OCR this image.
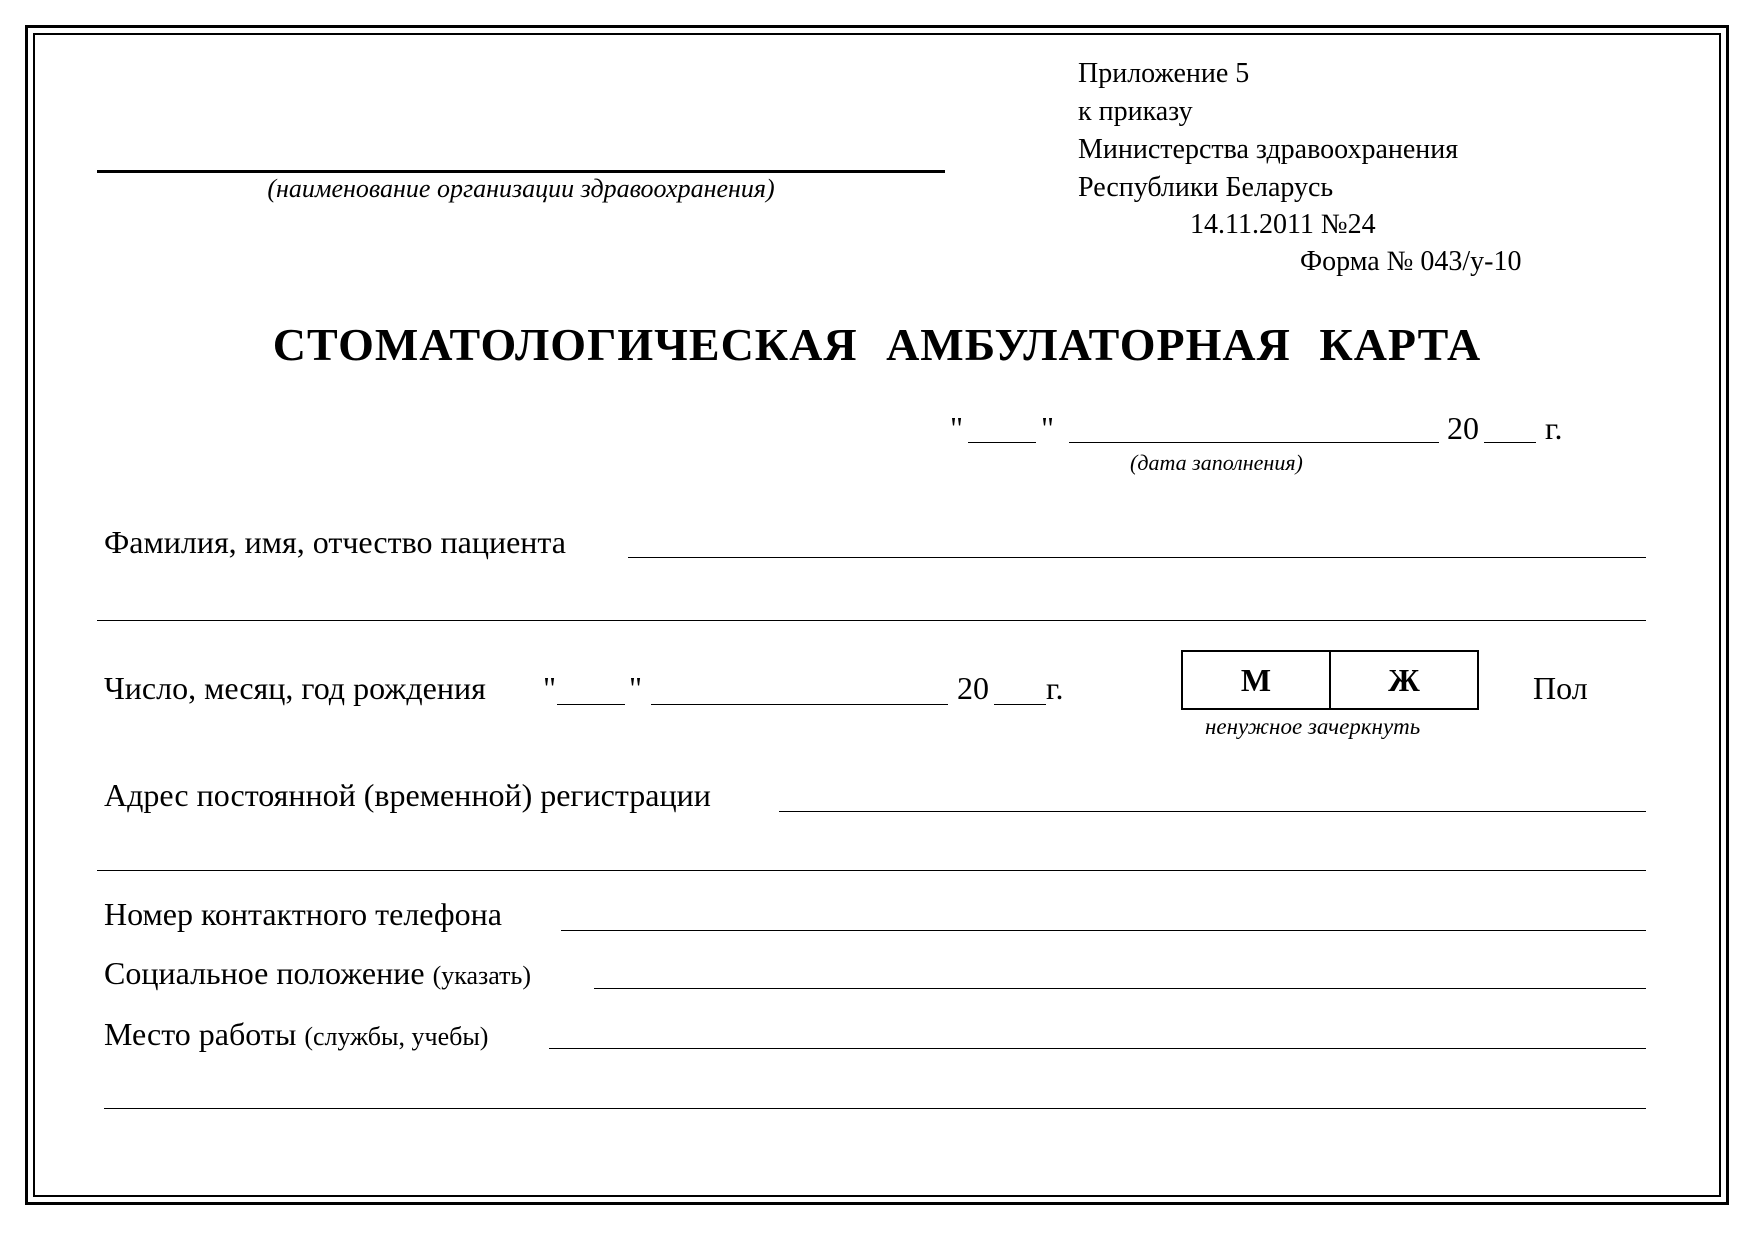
(наименование организации здравоохранения)
Приложение 5
к приказу
Министерства здравоохранения
Республики Беларусь
14.11.2011 №24
Форма № 043/у-10
СТОМАТОЛОГИЧЕСКАЯ АМБУЛАТОРНАЯ КАРТА
" "	20 г.
(дата заполнения)
Фамилия, имя, отчество пациента
Число, месяц, год рождения " "	20 г.	М	Ж
ненужное зачеркнуть
Пол
Адрес постоянной (временной) регистрации
Номер контактного телефона
Социальное положение (указать)
Место работы (службы, учебы)
